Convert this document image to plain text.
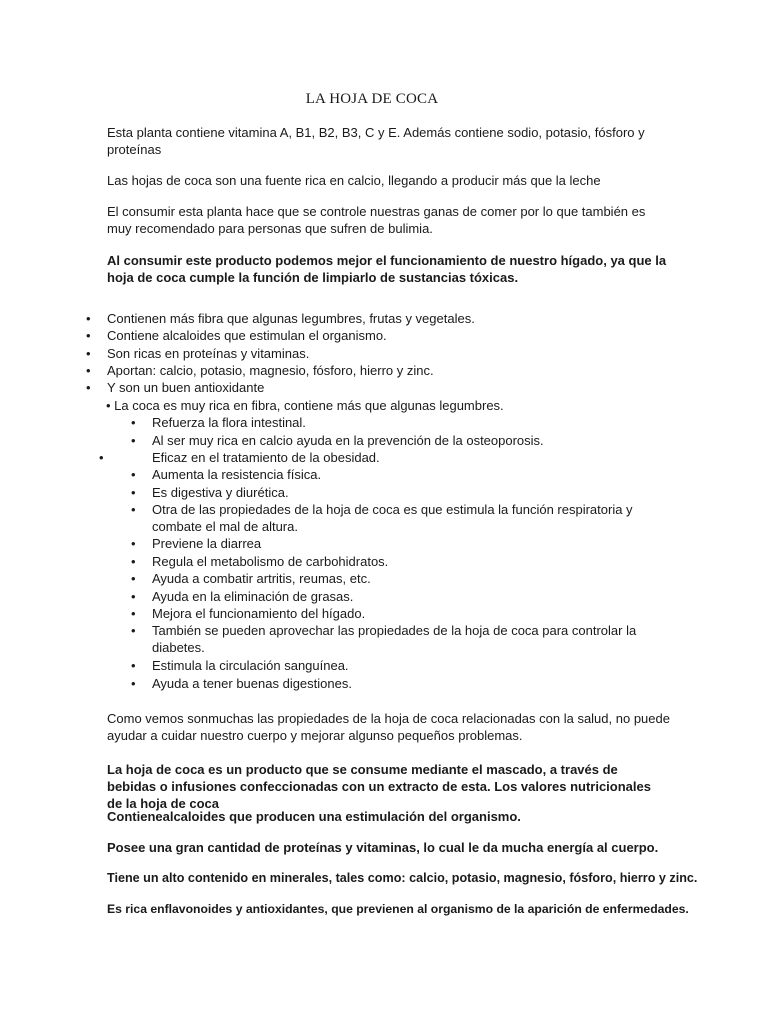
LA HOJA DE COCA

Esta planta contiene vitamina A, B1, B2, B3, C y E. Además contiene sodio, potasio, fósforo y proteínas

Las hojas de coca son una fuente rica en calcio, llegando a producir más que la leche

El consumir esta planta hace que se controle nuestras ganas de comer por lo que también es muy recomendado para personas que sufren de bulimia.

Al consumir este producto podemos mejor el funcionamiento de nuestro hígado, ya que la hoja de coca cumple la función de limpiarlo de sustancias tóxicas.

• Contienen más fibra que algunas legumbres, frutas y vegetales.
• Contiene alcaloides que estimulan el organismo.
• Son ricas en proteínas y vitaminas.
• Aportan: calcio, potasio, magnesio, fósforo, hierro y zinc.
• Y son un buen antioxidante
• La coca es muy rica en fibra, contiene más que algunas legumbres.
• Refuerza la flora intestinal.
• Al ser muy rica en calcio ayuda en la prevención de la osteoporosis.
•	Eficaz en el tratamiento de la obesidad.
• Aumenta la resistencia física.
• Es digestiva y diurética.
• Otra de las propiedades de la hoja de coca es que estimula la función respiratoria y combate el mal de altura.
• Previene la diarrea
• Regula el metabolismo de carbohidratos.
• Ayuda a combatir artritis, reumas, etc.
• Ayuda en la eliminación de grasas.
• Mejora el funcionamiento del hígado.
• También se pueden aprovechar las propiedades de la hoja de coca para controlar la diabetes.
• Estimula la circulación sanguínea.
• Ayuda a tener buenas digestiones.

Como vemos sonmuchas las propiedades de la hoja de coca relacionadas con la salud, no puede ayudar a cuidar nuestro cuerpo y mejorar algunso pequeños problemas.

La hoja de coca es un producto que se consume mediante el mascado, a través de bebidas o infusiones confeccionadas con un extracto de esta. Los valores nutricionales de la hoja de coca

Contienealcaloides que producen una estimulación del organismo.

Posee una gran cantidad de proteínas y vitaminas, lo cual le da mucha energía al cuerpo.

Tiene un alto contenido en minerales, tales como: calcio, potasio, magnesio, fósforo, hierro y zinc.

Es rica enflavonoides y antioxidantes, que previenen al organismo de la aparición de enfermedades.
